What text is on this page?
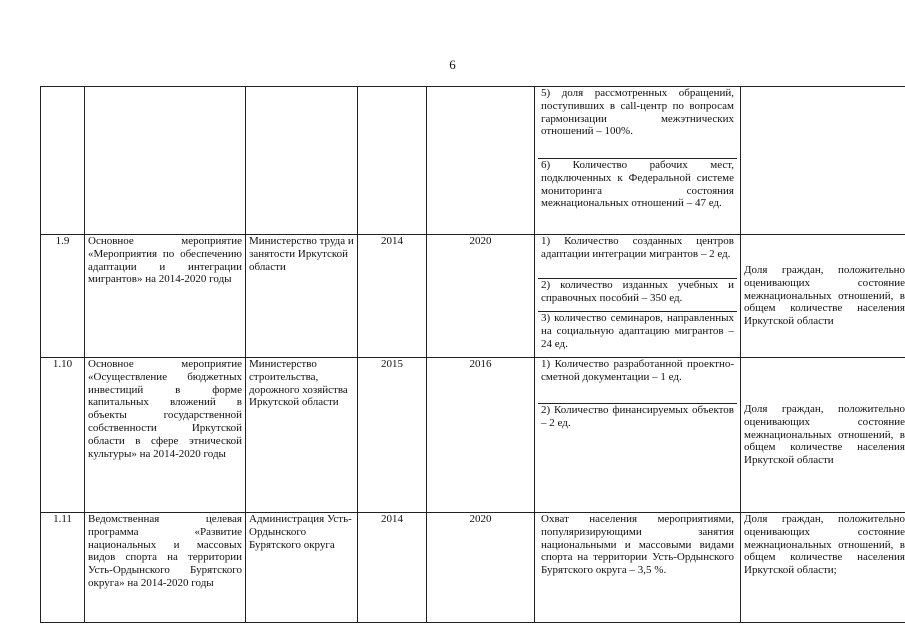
6

					5) доля рассмотренных обращений, поступивших в call-центр по вопросам гармонизации межэтнических отношений – 100%.
6) Количество рабочих мест, подключенных к Федеральной системе мониторинга состояния межнациональных отношений – 47 ед.	

1.9	Основное мероприятие «Мероприятия по обеспечению адаптации и интеграции мигрантов» на 2014-2020 годы	Министерство труда и занятости Иркутской области	2014	2020	1) Количество созданных центров адаптации интеграции мигрантов – 2 ед.
2) количество изданных учебных и справочных пособий – 350 ед.
3) количество семинаров, направленных на социальную адаптацию мигрантов – 24 ед.	Доля граждан, положительно оценивающих состояние межнациональных отношений, в общем количестве населения Иркутской области
1.10	Основное мероприятие «Осуществление бюджетных инвестиций в форме капитальных вложений в объекты государственной собственности Иркутской области в сфере этнической культуры» на 2014-2020 годы	Министерство строительства, дорожного хозяйства Иркутской области	2015	2016	1) Количество разработанной проектно-сметной документации – 1 ед.
2) Количество финансируемых объектов – 2 ед.	Доля граждан, положительно оценивающих состояние межнациональных отношений, в общем количестве населения Иркутской области
1.11	Ведомственная целевая программа «Развитие национальных и массовых видов спорта на территории Усть-Ордынского Бурятского округа» на 2014-2020 годы	Администрация Усть-Ордынского Бурятского округа	2014	2020	Охват населения мероприятиями, популяризирующими занятия национальными и массовыми видами спорта на территории Усть-Ордынского Бурятского округа – 3,5 %.	Доля граждан, положительно оценивающих состояние межнациональных отношений, в общем количестве населения Иркутской области;
